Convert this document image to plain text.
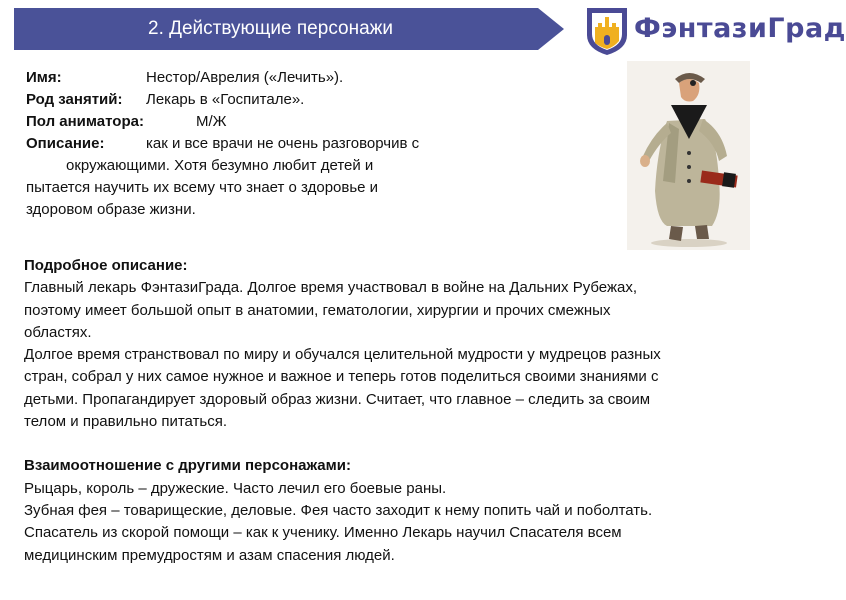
2. Действующие персонажи	ФэнтазиГрад
Имя:	Нестор/Аврелия («Лечить»).
Род занятий: Лекарь в «Госпитале».
Пол аниматора:	М/Ж
Описание:	как и все врачи не очень разговорчив с
окружающими. Хотя безумно любит детей и
пытается научить их всему что знает о здоровье и
здоровом образе жизни.

Подробное описание:

Главный лекарь ФэнтазиГрада. Долгое время участвовал в войне на Дальних Рубежах,

поэтому имеет большой опыт в анатомии, гематологии, хирургии и прочих смежных

областях.

Долгое время странствовал по миру и обучался целительной мудрости у мудрецов разных

стран, собрал у них самое нужное и важное и теперь готов поделиться своими знаниями с

детьми. Пропагандирует здоровый образ жизни. Считает, что главное – следить за своим

телом и правильно питаться.

Взаимоотношение с другими персонажами:

Рыцарь, король – дружеские. Часто лечил его боевые раны.

Зубная фея – товарищеские, деловые. Фея часто заходит к нему попить чай и поболтать.

Спасатель из скорой помощи – как к ученику. Именно Лекарь научил Спасателя всем

медицинским премудростям и азам спасения людей.
